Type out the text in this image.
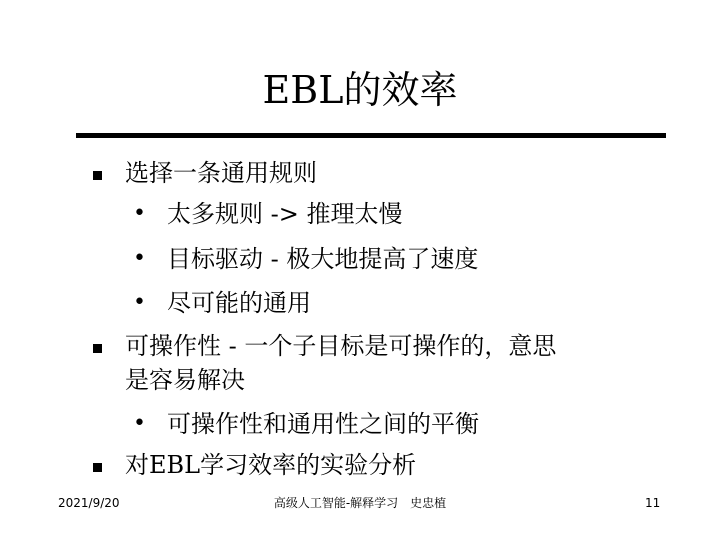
EBL的效率
选择一条通用规则
• 太多规则 -> 推理太慢
• 目标驱动 - 极大地提高了速度
• 尽可能的通用
可操作性 - 一个子目标是可操作的，意思
是容易解决
• 可操作性和通用性之间的平衡
对EBL学习效率的实验分析
2021/9/20	高级人工智能-解释学习　史忠植	11
